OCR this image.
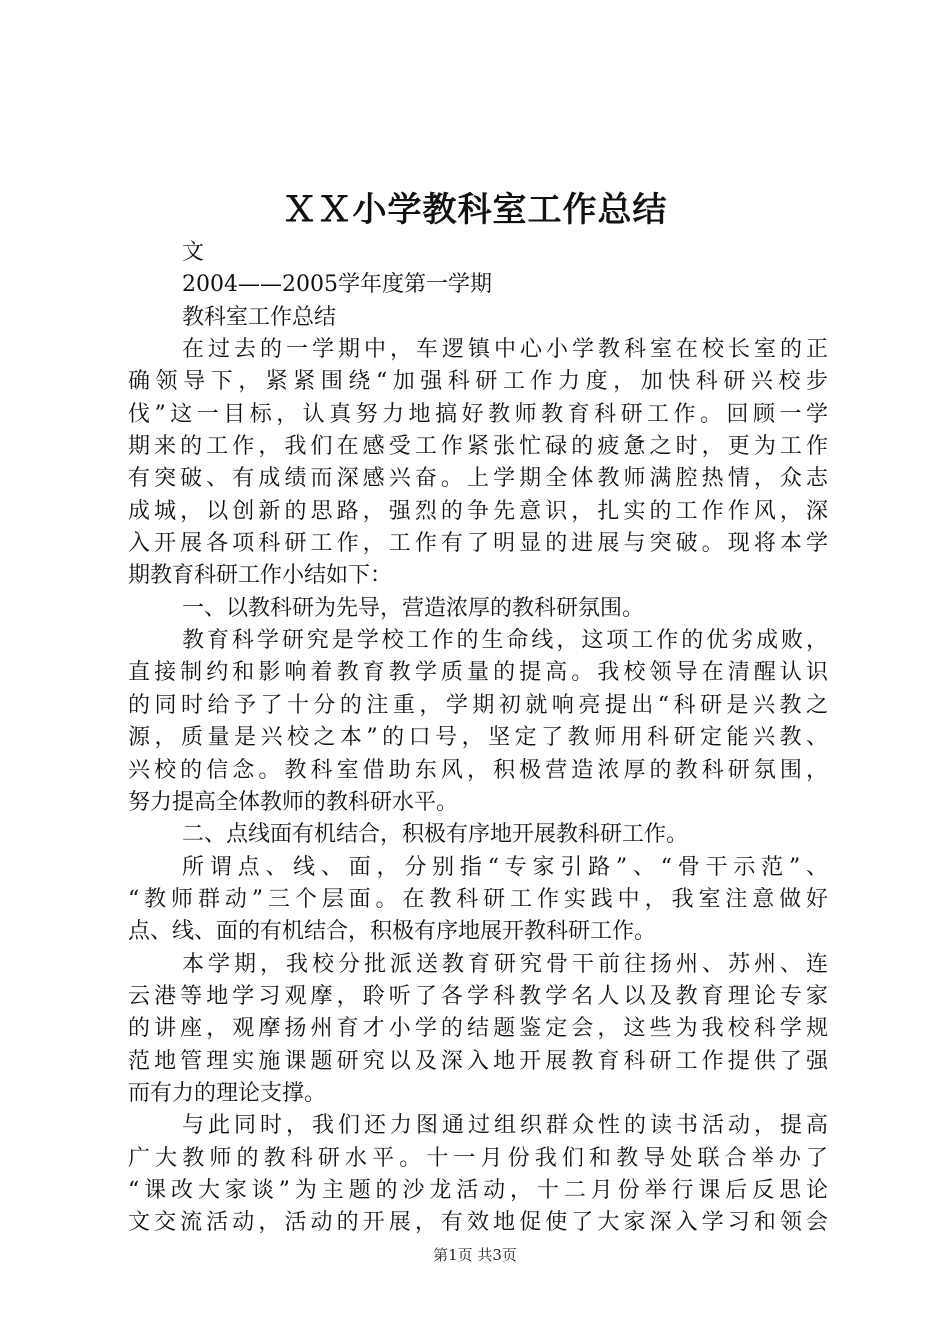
ＸＸ小学教科室工作总结
文
2004——2005学年度第一学期
教科室工作总结
在过去的一学期中，车逻镇中心小学教科室在校长室的正
确领导下，紧紧围绕“加强科研工作力度，加快科研兴校步
伐”这一目标，认真努力地搞好教师教育科研工作。回顾一学
期来的工作，我们在感受工作紧张忙碌的疲惫之时，更为工作
有突破、有成绩而深感兴奋。上学期全体教师满腔热情，众志
成城，以创新的思路，强烈的争先意识，扎实的工作作风，深
入开展各项科研工作，工作有了明显的进展与突破。现将本学
期教育科研工作小结如下：
一、以教科研为先导，营造浓厚的教科研氛围。
教育科学研究是学校工作的生命线，这项工作的优劣成败，
直接制约和影响着教育教学质量的提高。我校领导在清醒认识
的同时给予了十分的注重，学期初就响亮提出“科研是兴教之
源，质量是兴校之本”的口号，坚定了教师用科研定能兴教、
兴校的信念。教科室借助东风，积极营造浓厚的教科研氛围，
努力提高全体教师的教科研水平。
二、点线面有机结合，积极有序地开展教科研工作。
所谓点、线、面，分别指“专家引路”、“骨干示范”、
“教师群动”三个层面。在教科研工作实践中，我室注意做好
点、线、面的有机结合，积极有序地展开教科研工作。
本学期，我校分批派送教育研究骨干前往扬州、苏州、连
云港等地学习观摩，聆听了各学科教学名人以及教育理论专家
的讲座，观摩扬州育才小学的结题鉴定会，这些为我校科学规
范地管理实施课题研究以及深入地开展教育科研工作提供了强
而有力的理论支撑。
与此同时，我们还力图通过组织群众性的读书活动，提高
广大教师的教科研水平。十一月份我们和教导处联合举办了
“课改大家谈”为主题的沙龙活动，十二月份举行课后反思论
文交流活动，活动的开展，有效地促使了大家深入学习和领会
第1页 共3页
